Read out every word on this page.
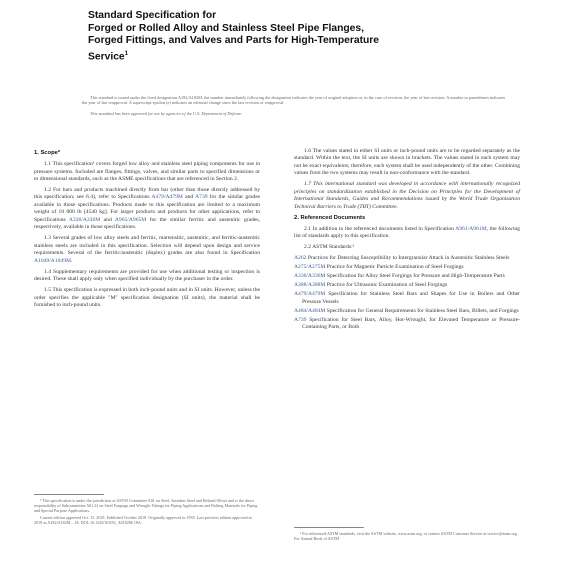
Standard Specification for
Forged or Rolled Alloy and Stainless Steel Pipe Flanges,
Forged Fittings, and Valves and Parts for High-Temperature
Service$^1$

This standard is issued under the fixed designation A182/A182M; the number immediately following the designation indicates the year of original adoption or, in the case of revision, the year of last revision. A number in parentheses indicates the year of last reapproval. A superscript epsilon (ε) indicates an editorial change since the last revision or reapproval.

This standard has been approved for use by agencies of the U.S. Department of Defense.

1. Scope*

1.1 This specification¹ covers forged low alloy and stainless steel piping components for use in pressure systems. Included are flanges, fittings, valves, and similar parts to specified dimensions or to dimensional standards, such as the ASME specifications that are referenced in Section 2.

1.2 For bars and products machined directly from bar (other than those directly addressed by this specification; see 6.4), refer to Specifications A479/A479M and A739 for the similar grades available in those specifications. Products made to this specification are limited to a maximum weight of 10 000 lb [4540 kg]. For larger products and products for other applications, refer to Specifications A336/A336M and A965/A965M for the similar ferritic and austenitic grades, respectively, available in those specifications.

1.3 Several grades of low alloy steels and ferritic, martensitic, austenitic, and ferritic-austenitic stainless steels are included in this specification. Selection will depend upon design and service requirements. Several of the ferritic/austenitic (duplex) grades are also found in Specification A1049/A1049M.

1.4 Supplementary requirements are provided for use when additional testing or inspection is desired. These shall apply only when specified individually by the purchaser in the order.

1.5 This specification is expressed in both inch-pound units and in SI units. However, unless the order specifies the applicable "M" specification designation (SI units), the material shall be furnished to inch-pound units.

1.6 The values stated in either SI units or inch-pound units are to be regarded separately as the standard. Within the text, the SI units are shown in brackets. The values stated in each system may not be exact equivalents; therefore, each system shall be used independently of the other. Combining values from the two systems may result in non-conformance with the standard.

1.7 This international standard was developed in accordance with internationally recognized principles on standardization established in the Decision on Principles for the Development of International Standards, Guides and Recommendations issued by the World Trade Organization Technical Barriers to Trade (TBT) Committee.

2. Referenced Documents

2.1 In addition to the referenced documents listed in Specification A961/A961M, the following list of standards apply to this specification.

2.2 ASTM Standards:²

A262 Practices for Detecting Susceptibility to Intergranular Attack in Austenitic Stainless Steels

A275/A275M Practice for Magnetic Particle Examination of Steel Forgings

A336/A336M Specification for Alloy Steel Forgings for Pressure and High-Temperature Parts

A388/A388M Practice for Ultrasonic Examination of Steel Forgings

A479/A479M Specification for Stainless Steel Bars and Shapes for Use in Boilers and Other Pressure Vessels

A484/A484M Specification for General Requirements for Stainless Steel Bars, Billets, and Forgings

A739 Specification for Steel Bars, Alloy, Hot-Wrought, for Elevated Temperature or Pressure-Containing Parts, or Both

¹ This specification is under the jurisdiction of ASTM Committee A01 on Steel, Stainless Steel and Related Alloys and is the direct responsibility of Subcommittee A01.22 on Steel Forgings and Wrought Fittings for Piping Applications and Bolting Materials for Piping and Special Purpose Applications.

Current edition approved Oct. 15, 2018. Published October 2018. Originally approved in 1935. Last previous edition approved in 2018 as A182/A182M – 18. DOI: 10.1520/A0182_A0182M-18A.

² For referenced ASTM standards, visit the ASTM website, www.astm.org, or contact ASTM Customer Service at service@astm.org. For Annual Book of ASTM
